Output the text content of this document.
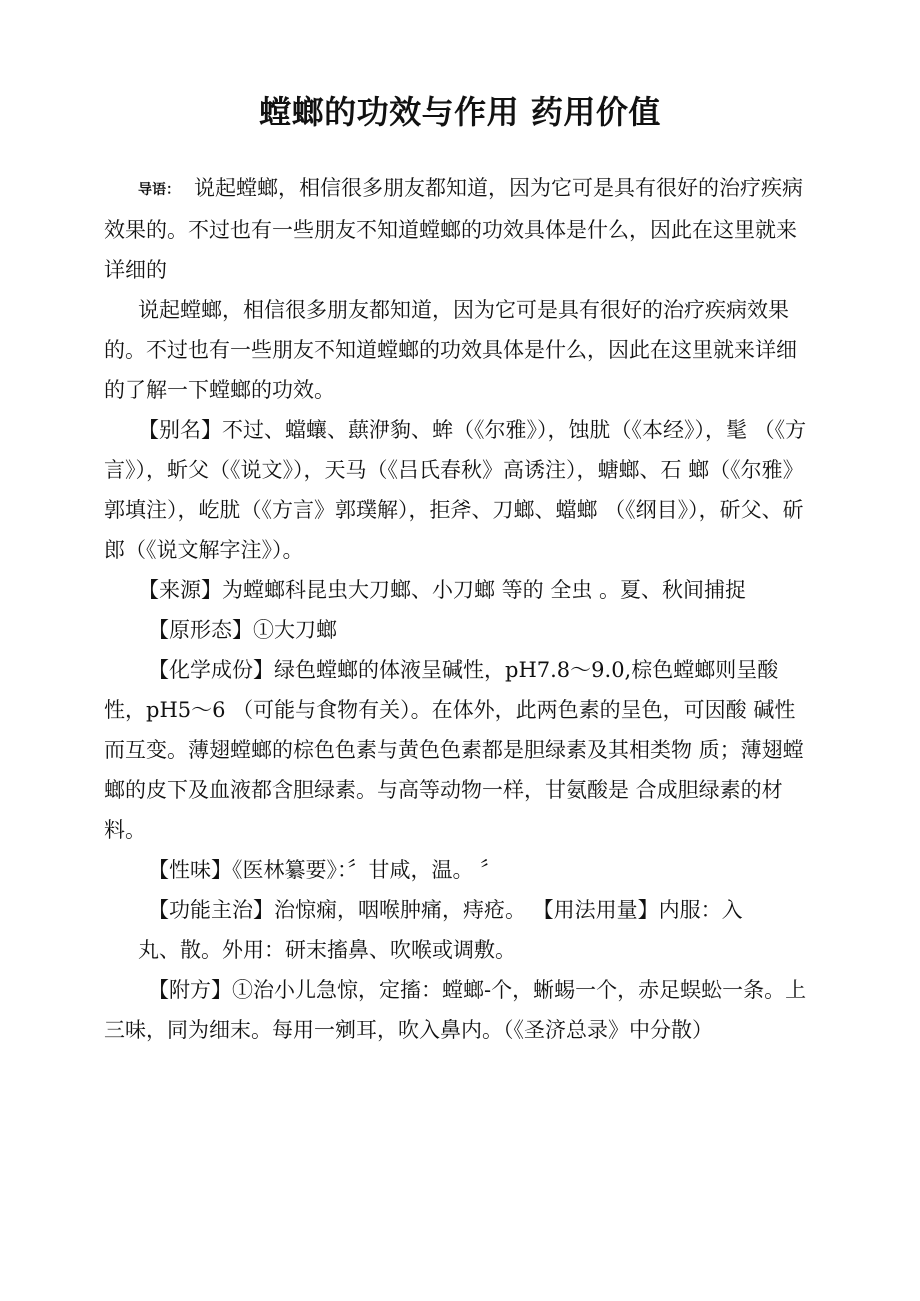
螳螂的功效与作用 药用价值

导语： 说起螳螂，相信很多朋友都知道，因为它可是具有很好的治疗疾病效果的。不过也有一些朋友不知道螳螂的功效具体是什么，因此在这里就来详细的

说起螳螂，相信很多朋友都知道，因为它可是具有很好的治疗疾病效果的。不过也有一些朋友不知道螳螂的功效具体是什么，因此在这里就来详细的了解一下螳螂的功效。

【别名】不过、蟷蠰、蕻洢豿、蛑（《尔雅》），蚀肬（《本经》），髦 （《方言》），蚚父（《说文》），天马（《吕氏春秋》高诱注），螗螂、石 螂（《尔雅》郭填注），屹肬（《方言》郭璞解），拒斧、刀螂、蟷螂 （《纲目》），斫父、斫郎（《说文解字注》）。

【来源】为螳螂科昆虫大刀螂、小刀螂 等的 全虫 。夏、秋间捕捉

【原形态】①大刀螂

【化学成份】绿色螳螂的体液呈碱性，pH7.8〜9.0,棕色螳螂则呈酸性，pH5〜6 （可能与食物有关）。在体外，此两色素的呈色，可因酸 碱性而互变。薄翅螳螂的棕色色素与黄色色素都是胆绿素及其相类物 质；薄翅螳螂的皮下及血液都含胆绿素。与高等动物一样，甘氨酸是 合成胆绿素的材料。

【性味】《医林纂要》：〞甘咸，温。 〞

【功能主治】治惊痫，咽喉肿痛，痔疮。 【用法用量】内服：入

丸、散。外用：研末搐鼻、吹喉或调敷。

【附方】①治小儿急惊，定搐：螳螂-个，蜥蜴一个，赤足蜈蚣一条。上三味，同为细末。每用一剜耳，吹入鼻内。（《圣济总录》中分散）
